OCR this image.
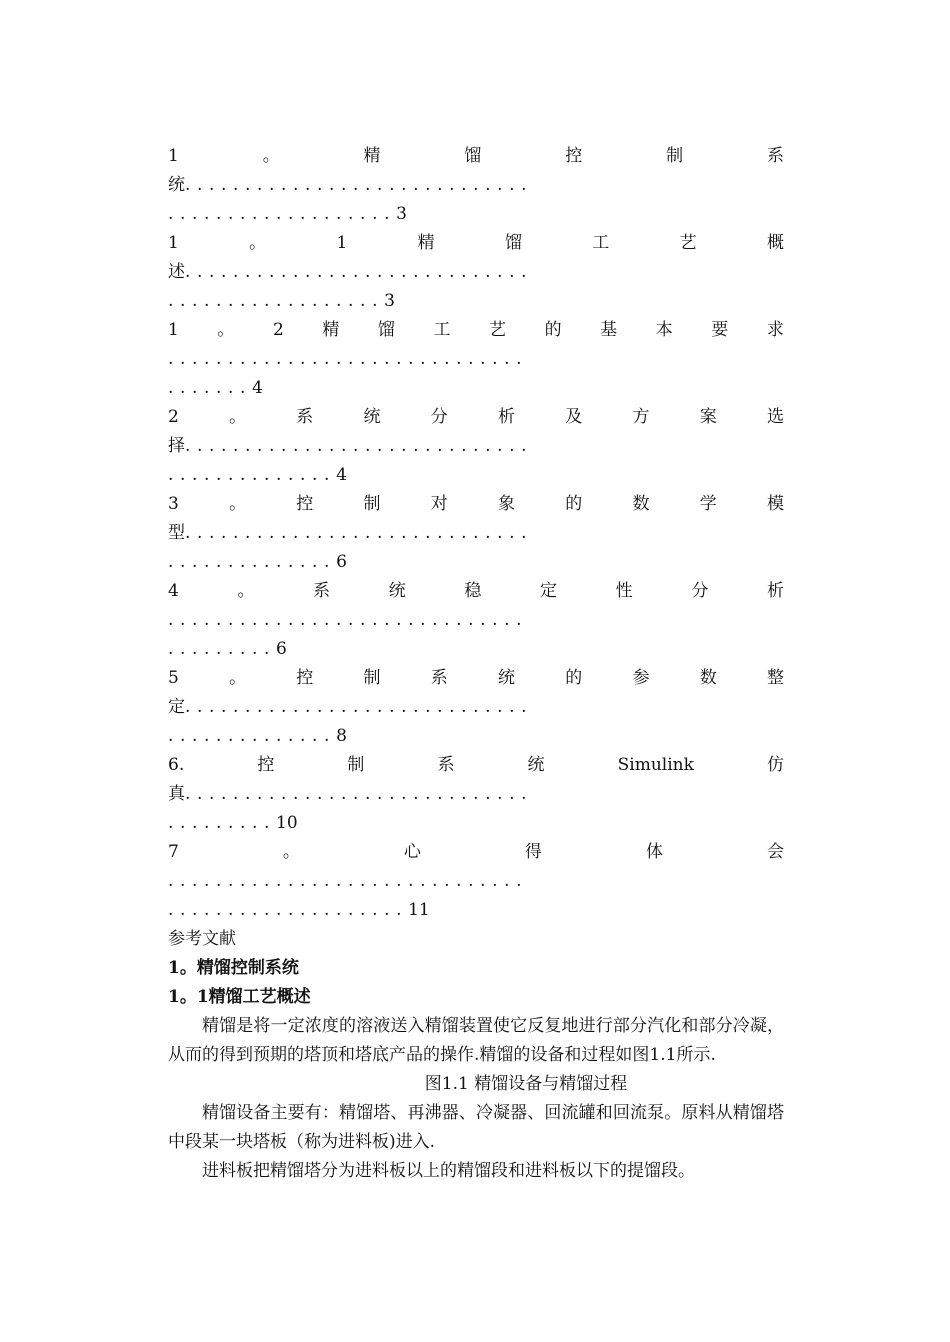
1	。	精	馏	控	制	系
统 .............................
................... 3
1	。	1	精	馏	工	艺	概
述 .............................
.................. 3
1 。 2 精 馏 工 艺 的 基 本 要 求
..............................
....... 4
2	。	系	统	分	析	及	方	案	选
择 .............................
.............. 4
3	。	控	制	对	象	的	数	学	模
型 .............................
.............. 6
4	。	系	统	稳	定	性	分	析
..............................
......... 6
5	。	控	制	系	统	的	参	数	整
定 .............................
.............. 8
6.	控	制	系	统	Simulink	仿
真 .............................
......... 10
7	。	心	得	体	会
..............................
.................... 11
参考文献
1。精馏控制系统
1。1精馏工艺概述
精馏是将一定浓度的溶液送入精馏装置使它反复地进行部分汽化和部分冷凝，从而的得到预期的塔顶和塔底产品的操作.精馏的设备和过程如图1.1所示.
图1.1 精馏设备与精馏过程
精馏设备主要有：精馏塔、再沸器、冷凝器、回流罐和回流泵。原料从精馏塔中段某一块塔板（称为进料板)进入.
进料板把精馏塔分为进料板以上的精馏段和进料板以下的提馏段。
